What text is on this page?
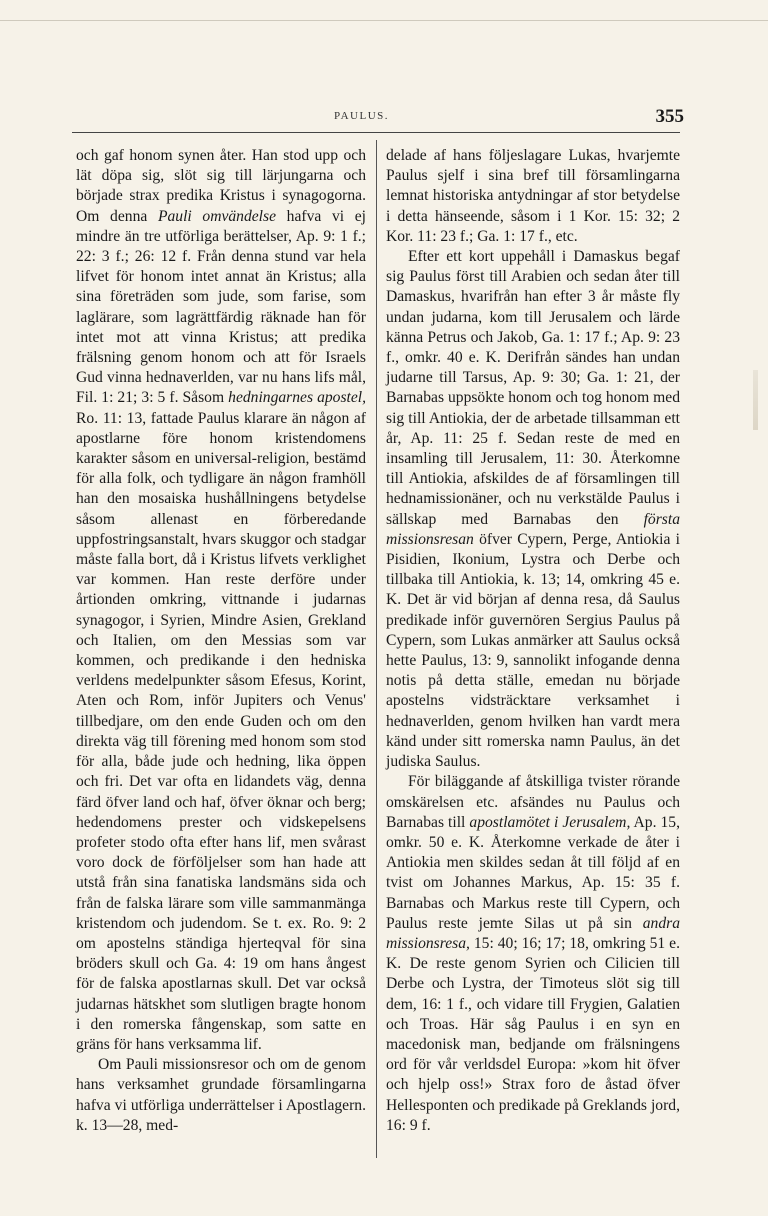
PAULUS.	355

och gaf honom synen åter. Han stod upp och lät döpa sig, slöt sig till lärjungarna och började strax predika Kristus i synagogorna. Om denna Pauli omvändelse hafva vi ej mindre än tre utförliga berättelser, Ap. 9: 1 f.; 22: 3 f.; 26: 12 f. Från denna stund var hela lifvet för honom intet annat än Kristus; alla sina företräden som jude, som farise, som laglärare, som lagrättfärdig räknade han för intet mot att vinna Kristus; att predika frälsning genom honom och att för Israels Gud vinna hednaverlden, var nu hans lifs mål, Fil. 1: 21; 3: 5 f. Såsom hedningarnes apostel, Ro. 11: 13, fattade Paulus klarare än någon af apostlarne före honom kristendomens karakter såsom en universal-religion, bestämd för alla folk, och tydligare än någon framhöll han den mosaiska hushållningens betydelse såsom allenast en förberedande uppfostringsanstalt, hvars skuggor och stadgar måste falla bort, då i Kristus lifvets verklighet var kommen. Han reste derföre under årtionden omkring, vittnande i judarnas synagogor, i Syrien, Mindre Asien, Grekland och Italien, om den Messias som var kommen, och predikande i den hedniska verldens medelpunkter såsom Efesus, Korint, Aten och Rom, inför Jupiters och Venus' tillbedjare, om den ende Guden och om den direkta väg till förening med honom som stod för alla, både jude och hedning, lika öppen och fri. Det var ofta en lidandets väg, denna färd öfver land och haf, öfver öknar och berg; hedendomens prester och vidskepelsens profeter stodo ofta efter hans lif, men svårast voro dock de förföljelser som han hade att utstå från sina fanatiska landsmäns sida och från de falska lärare som ville sammanmänga kristendom och judendom. Se t. ex. Ro. 9: 2 om apostelns ständiga hjerteqval för sina bröders skull och Ga. 4: 19 om hans ångest för de falska apostlarnas skull. Det var också judarnas hätskhet som slutligen bragte honom i den romerska fångenskap, som satte en gräns för hans verksamma lif.

Om Pauli missionsresor och om de genom hans verksamhet grundade församlingarna hafva vi utförliga underrättelser i Apostlagern. k. 13—28, med-

delade af hans följeslagare Lukas, hvarjemte Paulus sjelf i sina bref till församlingarna lemnat historiska antydningar af stor betydelse i detta hänseende, såsom i 1 Kor. 15: 32; 2 Kor. 11: 23 f.; Ga. 1: 17 f., etc.

Efter ett kort uppehåll i Damaskus begaf sig Paulus först till Arabien och sedan åter till Damaskus, hvarifrån han efter 3 år måste fly undan judarna, kom till Jerusalem och lärde känna Petrus och Jakob, Ga. 1: 17 f.; Ap. 9: 23 f., omkr. 40 e. K. Derifrån sändes han undan judarne till Tarsus, Ap. 9: 30; Ga. 1: 21, der Barnabas uppsökte honom och tog honom med sig till Antiokia, der de arbetade tillsamman ett år, Ap. 11: 25 f. Sedan reste de med en insamling till Jerusalem, 11: 30. Återkomne till Antiokia, afskildes de af församlingen till hednamissionäner, och nu verkstälde Paulus i sällskap med Barnabas den första missionsresan öfver Cypern, Perge, Antiokia i Pisidien, Ikonium, Lystra och Derbe och tillbaka till Antiokia, k. 13; 14, omkring 45 e. K. Det är vid början af denna resa, då Saulus predikade inför guvernören Sergius Paulus på Cypern, som Lukas anmärker att Saulus också hette Paulus, 13: 9, sannolikt infogande denna notis på detta ställe, emedan nu började apostelns vidsträcktare verksamhet i hednaverlden, genom hvilken han vardt mera känd under sitt romerska namn Paulus, än det judiska Saulus.

För biläggande af åtskilliga tvister rörande omskärelsen etc. afsändes nu Paulus och Barnabas till apostlamötet i Jerusalem, Ap. 15, omkr. 50 e. K. Återkomne verkade de åter i Antiokia men skildes sedan åt till följd af en tvist om Johannes Markus, Ap. 15: 35 f. Barnabas och Markus reste till Cypern, och Paulus reste jemte Silas ut på sin andra missionsresa, 15: 40; 16; 17; 18, omkring 51 e. K. De reste genom Syrien och Cilicien till Derbe och Lystra, der Timoteus slöt sig till dem, 16: 1 f., och vidare till Frygien, Galatien och Troas. Här såg Paulus i en syn en macedonisk man, bedjande om frälsningens ord för vår verldsdel Europa: »kom hit öfver och hjelp oss!» Strax foro de åstad öfver Hellesponten och predikade på Greklands jord, 16: 9 f.
